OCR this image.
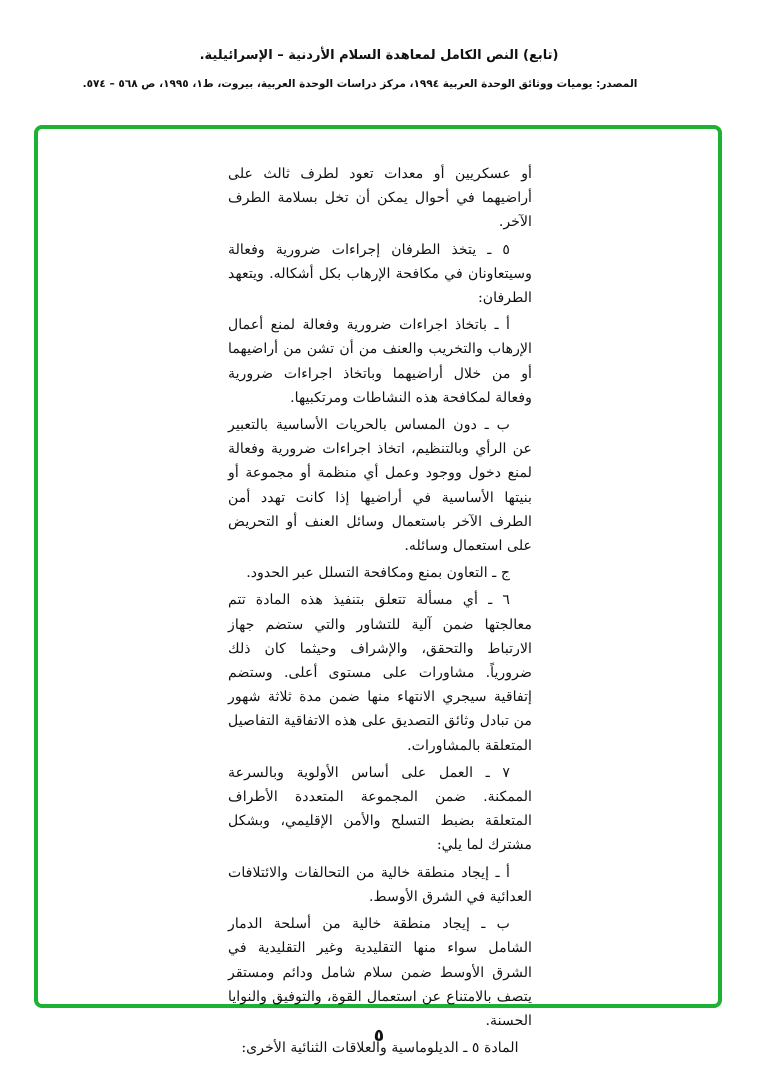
(تابع) النص الكامل لمعاهدة السلام الأردنية – الإسرائيلية.
المصدر: يوميات ووثائق الوحدة العربية ١٩٩٤، مركز دراسات الوحدة العربية، بيروت، ط١، ١٩٩٥، ص ٥٦٨ – ٥٧٤.

أو عسكريين أو معدات تعود لطرف ثالث على أراضيهما في أحوال يمكن أن تخل بسلامة الطرف الآخر.

٥ ـ يتخذ الطرفان إجراءات ضرورية وفعالة وسيتعاونان في مكافحة الإرهاب بكل أشكاله. ويتعهد الطرفان:

أ ـ باتخاذ اجراءات ضرورية وفعالة لمنع أعمال الإرهاب والتخريب والعنف من أن تشن من أراضيهما أو من خلال أراضيهما وباتخاذ اجراءات ضرورية وفعالة لمكافحة هذه النشاطات ومرتكبيها.

ب ـ دون المساس بالحريات الأساسية بالتعبير عن الرأي وبالتنظيم، اتخاذ اجراءات ضرورية وفعالة لمنع دخول ووجود وعمل أي منظمة أو مجموعة أو بنيتها الأساسية في أراضيها إذا كانت تهدد أمن الطرف الآخر باستعمال وسائل العنف أو التحريض على استعمال وسائله.

ج ـ التعاون بمنع ومكافحة التسلل عبر الحدود.

٦ ـ أي مسألة تتعلق بتنفيذ هذه المادة تتم معالجتها ضمن آلية للتشاور والتي ستضم جهاز الارتباط والتحقق، والإشراف وحيثما كان ذلك ضرورياً. مشاورات على مستوى أعلى. وستضم إتفاقية سيجري الانتهاء منها ضمن مدة ثلاثة شهور من تبادل وثائق التصديق على هذه الاتفاقية التفاصيل المتعلقة بالمشاورات.

٧ ـ العمل على أساس الأولوية وبالسرعة الممكنة. ضمن المجموعة المتعددة الأطراف المتعلقة بضبط التسلح والأمن الإقليمي، وبشكل مشترك لما يلي:

أ ـ إيجاد منطقة خالية من التحالفات والائتلافات العدائية في الشرق الأوسط.

ب ـ إيجاد منطقة خالية من أسلحة الدمار الشامل سواء منها التقليدية وغير التقليدية في الشرق الأوسط ضمن سلام شامل ودائم ومستقر يتصف بالامتناع عن استعمال القوة، والتوفيق والنوايا الحسنة.

المادة ٥ ـ الديلوماسية والعلاقات الثنائية الأخرى:

٥
